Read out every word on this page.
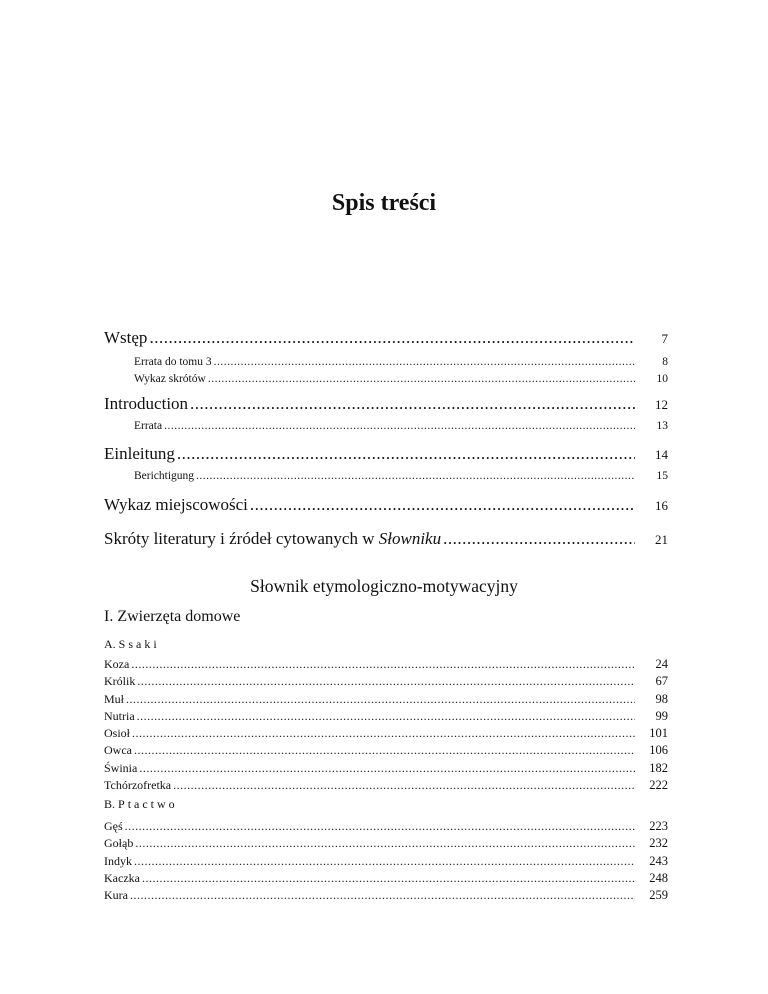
Spis treści
Wstęp .....	7
Errata do tomu 3 .....	8
Wykaz skrótów .....	10
Introduction .....	12
Errata .....	13
Einleitung .....	14
Berichtigung .....	15
Wykaz miejscowości .....	16
Skróty literatury i źródeł cytowanych w Słowniku .....	21
Słownik etymologiczno-motywacyjny
I. Zwierzęta domowe
A. Ssaki
Koza .....	24
Królik .....	67
Muł .....	98
Nutria .....	99
Osioł .....	101
Owca .....	106
Świnia .....	182
Tchórzofretka .....	222
B. Ptactwo
Gęś .....	223
Gołąb .....	232
Indyk .....	243
Kaczka .....	248
Kura .....	259
